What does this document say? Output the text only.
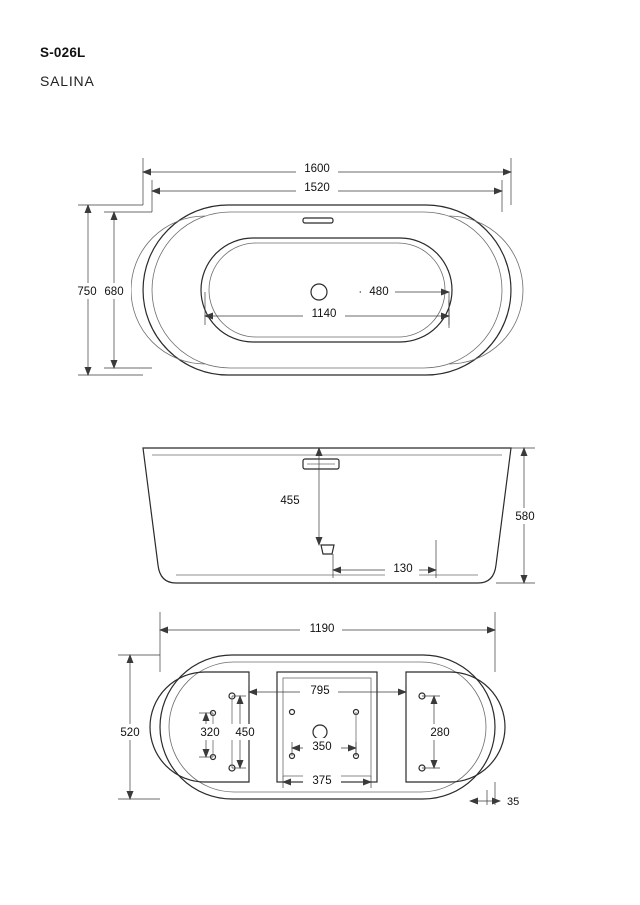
S-026L
SALINA
1600
1520
750 680	480
1140
455
580
130
1190
795
520	320 450
350
375
280
35
